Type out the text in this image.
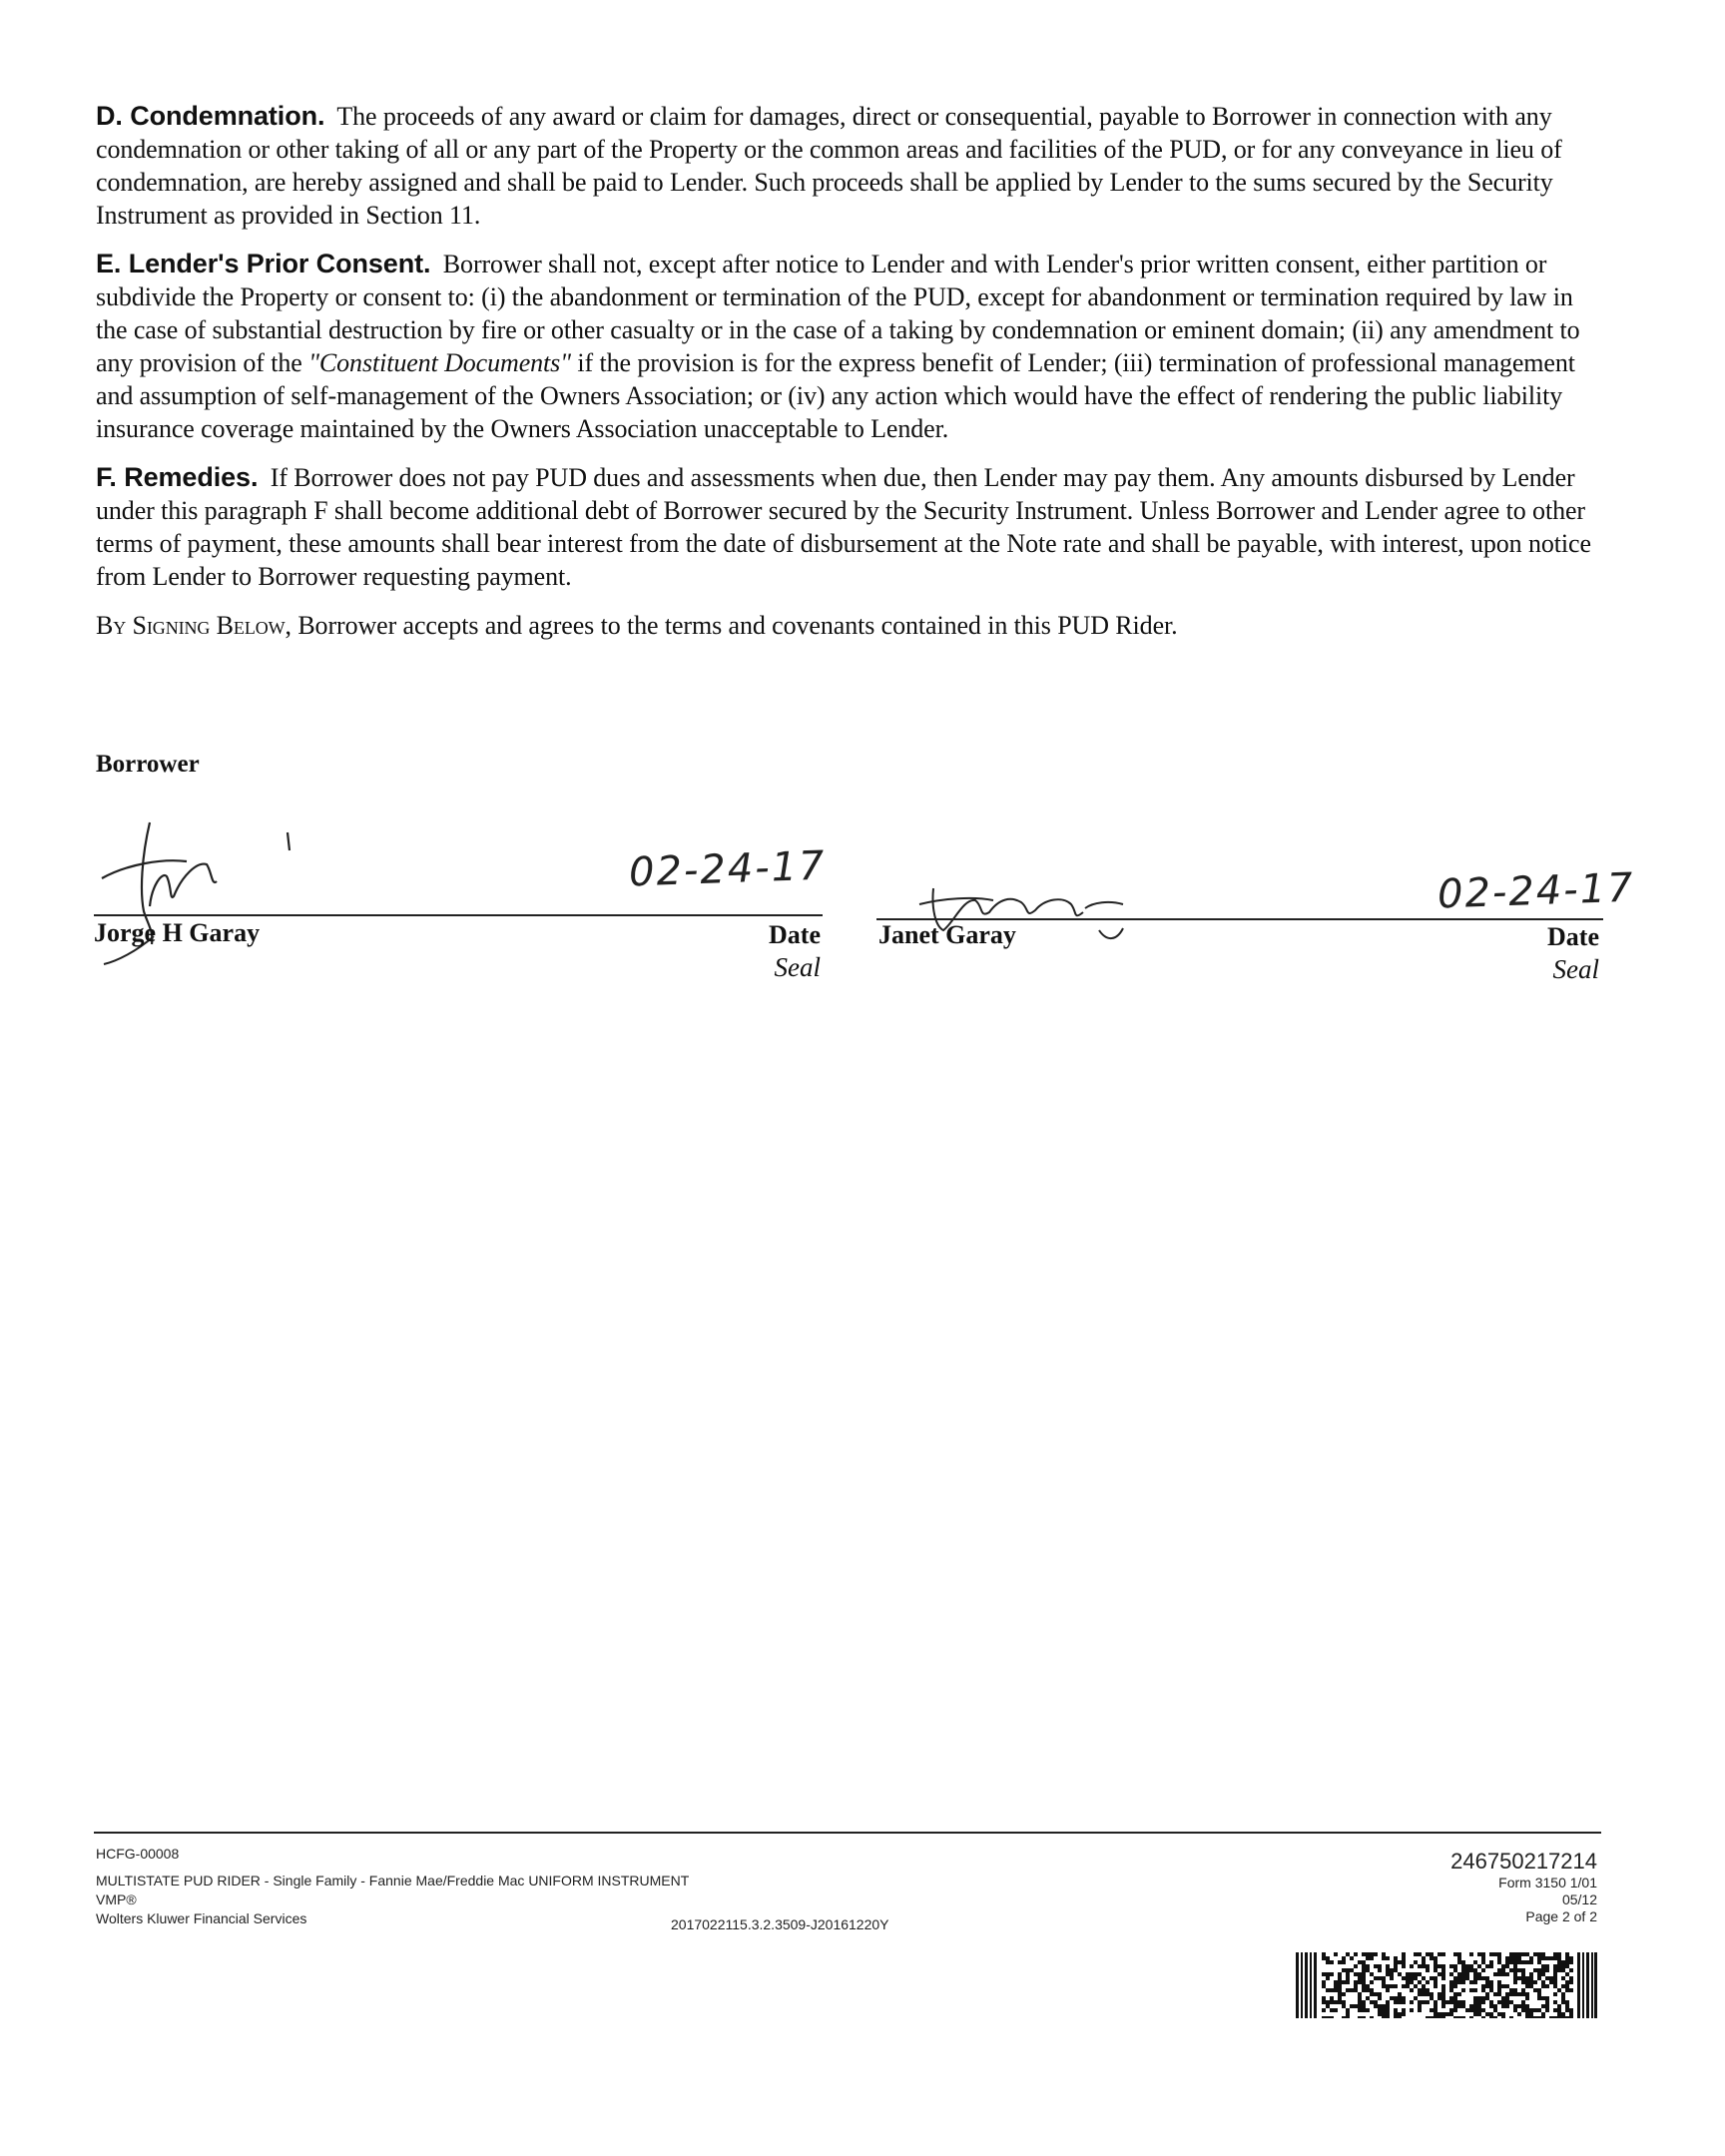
D. Condemnation. The proceeds of any award or claim for damages, direct or consequential, payable to Borrower in connection with any condemnation or other taking of all or any part of the Property or the common areas and facilities of the PUD, or for any conveyance in lieu of condemnation, are hereby assigned and shall be paid to Lender. Such proceeds shall be applied by Lender to the sums secured by the Security Instrument as provided in Section 11.

E. Lender's Prior Consent. Borrower shall not, except after notice to Lender and with Lender's prior written consent, either partition or subdivide the Property or consent to: (i) the abandonment or termination of the PUD, except for abandonment or termination required by law in the case of substantial destruction by fire or other casualty or in the case of a taking by condemnation or eminent domain; (ii) any amendment to any provision of the "Constituent Documents" if the provision is for the express benefit of Lender; (iii) termination of professional management and assumption of self-management of the Owners Association; or (iv) any action which would have the effect of rendering the public liability insurance coverage maintained by the Owners Association unacceptable to Lender.

F. Remedies. If Borrower does not pay PUD dues and assessments when due, then Lender may pay them. Any amounts disbursed by Lender under this paragraph F shall become additional debt of Borrower secured by the Security Instrument. Unless Borrower and Lender agree to other terms of payment, these amounts shall bear interest from the date of disbursement at the Note rate and shall be payable, with interest, upon notice from Lender to Borrower requesting payment.

By Signing Below, Borrower accepts and agrees to the terms and covenants contained in this PUD Rider.

Borrower
02-24-17
Jorge H Garay	Date
Seal
02-24-17
Janet Garay	Date
Seal
HCFG-00008
MULTISTATE PUD RIDER - Single Family - Fannie Mae/Freddie Mac UNIFORM INSTRUMENT
VMP®
Wolters Kluwer Financial Services	2017022115.3.2.3509-J20161220Y
246750217214
Form 3150 1/01
05/12
Page 2 of 2
